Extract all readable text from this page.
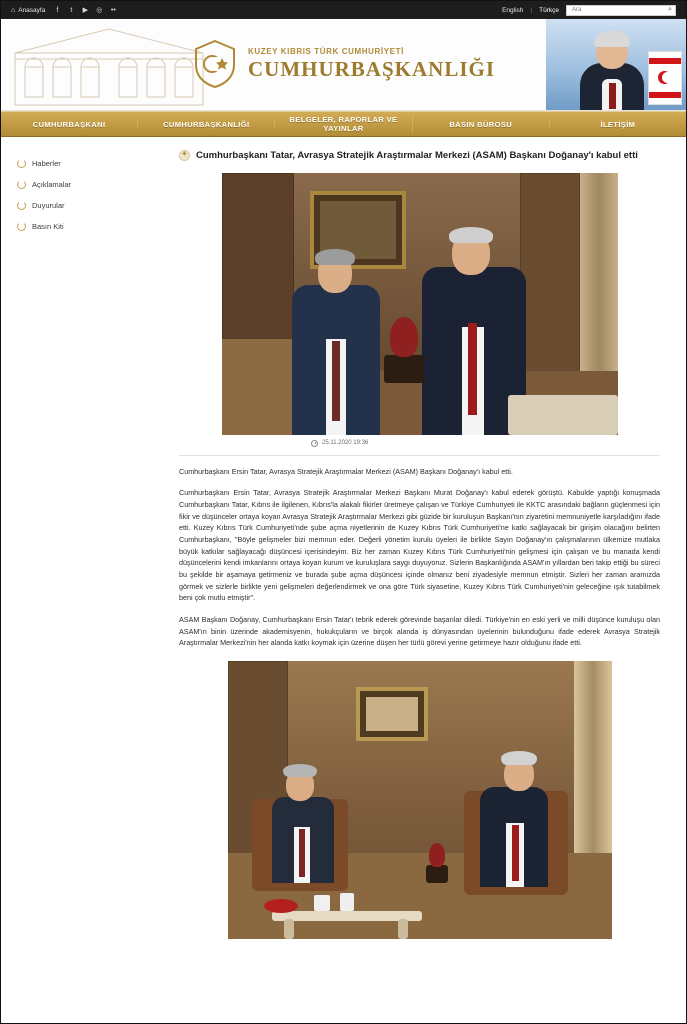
⌂ Anasayfa	f	t	▶ ◎ ••	English | Türkçe
Ara	⌕
KUZEY KIBRIS TÜRK CUMHURİYETİ
CUMHURBAŞKANLIĞI
CUMHURBAŞKANI	CUMHURBAŞKANLIĞI	BELGELER, RAPORLAR VE YAYINLAR	BASIN BÜROSU	İLETİŞİM
Haberler
Açıklamalar
Duyurular
Basın Kiti
✦
Cumhurbaşkanı Tatar, Avrasya Stratejik Araştırmalar Merkezi (ASAM) Başkanı Doğanay'ı kabul etti
25.11.2020 19:36

Cumhurbaşkanı Ersin Tatar, Avrasya Stratejik Araştırmalar Merkezi (ASAM) Başkanı Doğanay'ı kabul etti.

Cumhurbaşkanı Ersin Tatar, Avrasya Stratejik Araştırmalar Merkezi Başkanı Murat Doğanay'ı kabul ederek görüştü. Kabulde yaptığı konuşmada Cumhurbaşkanı Tatar, Kıbrıs ile ilgilenen, Kıbrıs'la alakalı fikirler üretmeye çalışan ve Türkiye Cumhuriyeti ile KKTC arasındaki bağların güçlenmesi için fikir ve düşünceler ortaya koyan Avrasya Stratejik Araştırmalar Merkezi gibi güzide bir kuruluşun Başkanı'nın ziyaretini memnuniyetle karşıladığını ifade etti. Kuzey Kıbrıs Türk Cumhuriyeti'nde şube açma niyetlerinin de Kuzey Kıbrıs Türk Cumhuriyeti'ne katkı sağlayacak bir girişim olacağını belirten Cumhurbaşkanı, "Böyle gelişmeler bizi memnun eder. Değerli yönetim kurulu üyeleri ile birlikte Sayın Doğanay'ın çalışmalarının ülkemize mutlaka büyük katkılar sağlayacağı düşüncesi içerisindeyim. Biz her zaman Kuzey Kıbrıs Türk Cumhuriyeti'nin gelişmesi için çalışan ve bu manada kendi düşüncelerini kendi imkanlarını ortaya koyan kurum ve kuruluşlara saygı duyuyoruz. Sizlerin Başkanlığında ASAM'ın yıllardan beri takip ettiği bu süreci bu şekilde bir aşamaya getirmeniz ve burada şube açma düşüncesi içinde olmanız beni ziyadesiyle memnun etmiştir. Sizleri her zaman aramızda görmek ve sizlerle birlikte yeni gelişmeleri değerlendirmek ve ona göre Türk siyasetine, Kuzey Kıbrıs Türk Cumhuriyeti'nin geleceğine ışık tutabilmek beni çok mutlu etmiştir".

ASAM Başkanı Doğanay, Cumhurbaşkanı Ersin Tatar'ı tebrik ederek görevinde başarılar diledi. Türkiye'nin en eski yerli ve milli düşünce kuruluşu olan ASAM'ın binin üzerinde akademisyenin, hukukçuların ve birçok alanda iş dünyasından üyelerinin bulunduğunu ifade ederek Avrasya Stratejik Araştırmalar Merkezi'nin her alanda katkı koymak için üzerine düşen her türlü görevi yerine getirmeye hazır olduğunu ifade etti.
